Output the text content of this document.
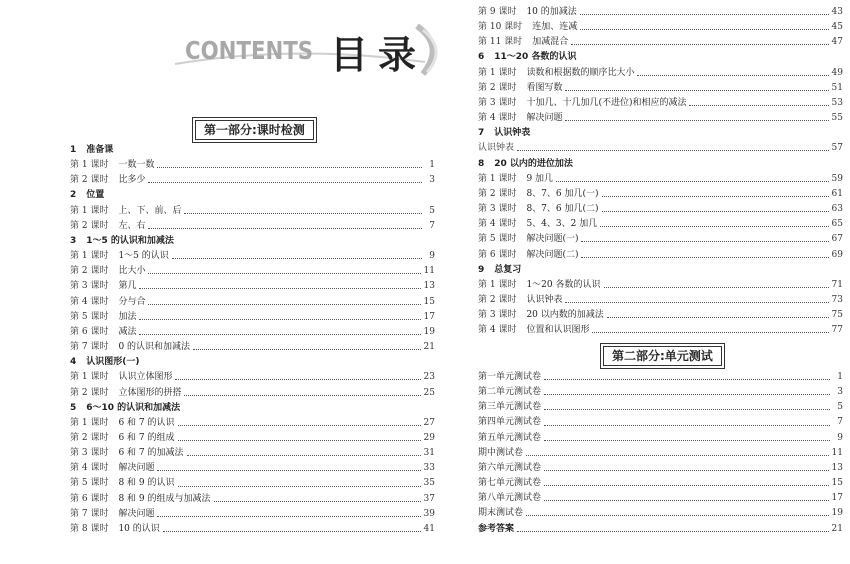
CONTENTS 目录
第一部分:课时检测
1 准备课
第 1 课时 一数一数	1
第 2 课时 比多少	3
2 位置
第 1 课时 上、下、前、后	5
第 2 课时 左、右	7
3 1～5 的认识和加减法
第 1 课时 1～5 的认识	9
第 2 课时 比大小	11
第 3 课时 第几	13
第 4 课时 分与合	15
第 5 课时 加法	17
第 6 课时 减法	19
第 7 课时 0 的认识和加减法	21
4 认识图形(一)
第 1 课时 认识立体图形	23
第 2 课时 立体图形的拼搭	25
5 6～10 的认识和加减法
第 1 课时 6 和 7 的认识	27
第 2 课时 6 和 7 的组成	29
第 3 课时 6 和 7 的加减法	31
第 4 课时 解决问题	33
第 5 课时 8 和 9 的认识	35
第 6 课时 8 和 9 的组成与加减法	37
第 7 课时 解决问题	39
第 8 课时 10 的认识	41
第 9 课时 10 的加减法	43
第 10 课时 连加、连减	45
第 11 课时 加减混合	47
6 11～20 各数的认识
第 1 课时 读数和根据数的顺序比大小	49
第 2 课时 看图写数	51
第 3 课时 十加几、十几加几(不进位)和相应的减法	53
第 4 课时 解决问题	55
7 认识钟表
认识钟表	57
8 20 以内的进位加法
第 1 课时 9 加几	59
第 2 课时 8、7、6 加几(一)	61
第 3 课时 8、7、6 加几(二)	63
第 4 课时 5、4、3、2 加几	65
第 5 课时 解决问题(一)	67
第 6 课时 解决问题(二)	69
9 总复习
第 1 课时 1～20 各数的认识	71
第 2 课时 认识钟表	73
第 3 课时 20 以内数的加减法	75
第 4 课时 位置和认识图形	77
第二部分:单元测试
第一单元测试卷	1
第二单元测试卷	3
第三单元测试卷	5
第四单元测试卷	7
第五单元测试卷	9
期中测试卷	11
第六单元测试卷	13
第七单元测试卷	15
第八单元测试卷	17
期末测试卷	19
参考答案	21
